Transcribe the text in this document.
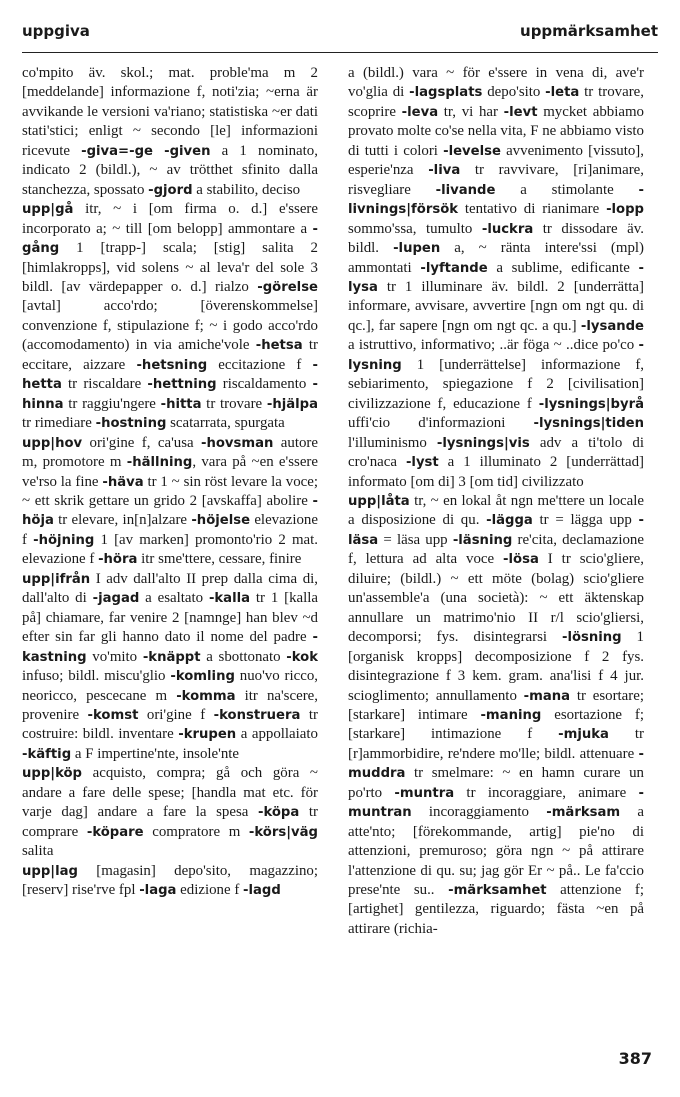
uppgiva	uppmärksamhet

co'mpito äv. skol.; mat. proble'ma m 2 [meddelande] informazione f, noti'zia; ~erna är avvikande le versioni va'riano; statistiska ~er dati stati'stici; enligt ~ secondo [le] informazioni ricevute -giva=-ge -given a 1 nominato, indicato 2 (bildl.), ~ av trötthet sfinito dalla stanchezza, spossato -gjord a stabilito, deciso

upp|gå itr, ~ i [om firma o. d.] e'ssere incorporato a; ~ till [om belopp] ammontare a -gång 1 [trapp-] scala; [stig] salita 2 [himlakropps], vid solens ~ al leva'r del sole 3 bildl. [av värdepapper o. d.] rialzo -görelse [avtal] acco'rdo; [överenskommelse] convenzione f, stipulazione f; ~ i godo acco'rdo (accomodamento) in via amiche'vole -hetsa tr eccitare, aizzare -hetsning eccitazione f -hetta tr riscaldare -hettning riscaldamento -hinna tr raggiu'ngere -hitta tr trovare -hjälpa tr rimediare -hostning scatarrata, spurgata

upp|hov ori'gine f, ca'usa -hovsman autore m, promotore m -hällning, vara på ~en e'ssere ve'rso la fine -häva tr 1 ~ sin röst levare la voce; ~ ett skrik gettare un grido 2 [avskaffa] abolire -höja tr elevare, in[n]alzare -höjelse elevazione f -höjning 1 [av marken] promonto'rio 2 mat. elevazione f -höra itr sme'ttere, cessare, finire

upp|ifrån I adv dall'alto II prep dalla cima di, dall'alto di -jagad a esaltato -kalla tr 1 [kalla på] chiamare, far venire 2 [namnge] han blev ~d efter sin far gli hanno dato il nome del padre -kastning vo'mito -knäppt a sbottonato -kok infuso; bildl. miscu'glio -komling nuo'vo ricco, neoricco, pescecane m -komma itr na'scere, provenire -komst ori'gine f -konstruera tr costruire: bildl. inventare -krupen a appollaiato -käftig a F impertine'nte, insole'nte

upp|köp acquisto, compra; gå och göra ~ andare a fare delle spese; [handla mat etc. för varje dag] andare a fare la spesa -köpa tr comprare -köpare compratore m -körs|väg salita

upp|lag [magasin] depo'sito, magazzino; [reserv] rise'rve fpl -laga edizione f -lagd

a (bildl.) vara ~ för e'ssere in vena di, ave'r vo'glia di -lagsplats depo'sito -leta tr trovare, scoprire -leva tr, vi har -levt mycket abbiamo provato molte co'se nella vita, F ne abbiamo visto di tutti i colori -levelse avvenimento [vissuto], esperie'nza -liva tr ravvivare, [ri]animare, risvegliare -livande a stimolante -livnings|försök tentativo di rianimare -lopp sommo'ssa, tumulto -luckra tr dissodare äv. bildl. -lupen a, ~ ränta intere'ssi (mpl) ammontati -lyftande a sublime, edificante -lysa tr 1 illuminare äv. bildl. 2 [underrätta] informare, avvisare, avvertire [ngn om ngt qu. di qc.], far sapere [ngn om ngt qc. a qu.] -lysande a istruttivo, informativo; ..är föga ~ ..dice po'co -lysning 1 [underrättelse] informazione f, sebiarimento, spiegazione f 2 [civilisation] civilizzazione f, educazione f -lysnings|byrå uffi'cio d'informazioni -lysnings|tiden l'illuminismo -lysnings|vis adv a ti'tolo di cro'naca -lyst a 1 illuminato 2 [underrättad] informato [om di] 3 [om tid] civilizzato

upp|låta tr, ~ en lokal åt ngn me'ttere un locale a disposizione di qu. -lägga tr = lägga upp -läsa = läsa upp -läsning re'cita, declamazione f, lettura ad alta voce -lösa I tr scio'gliere, diluire; (bildl.) ~ ett möte (bolag) scio'gliere un'assemble'a (una società): ~ ett äktenskap annullare un matrimo'nio II r/l scio'gliersi, decomporsi; fys. disintegrarsi -lösning 1 [organisk kropps] decomposizione f 2 fys. disintegrazione f 3 kem. gram. ana'lisi f 4 jur. scioglimento; annullamento -mana tr esortare; [starkare] intimare -maning esortazione f; [starkare] intimazione f -mjuka tr [r]ammorbidire, re'ndere mo'lle; bildl. attenuare -muddra tr smelmare: ~ en hamn curare un po'rto -muntra tr incoraggiare, animare -muntran incoraggiamento -märksam a atte'nto; [förekommande, artig] pie'no di attenzioni, premuroso; göra ngn ~ på attirare l'attenzione di qu. su; jag gör Er ~ på.. Le fa'ccio prese'nte su.. -märksamhet attenzione f; [artighet] gentilezza, riguardo; fästa ~en på attirare (richia-

387
